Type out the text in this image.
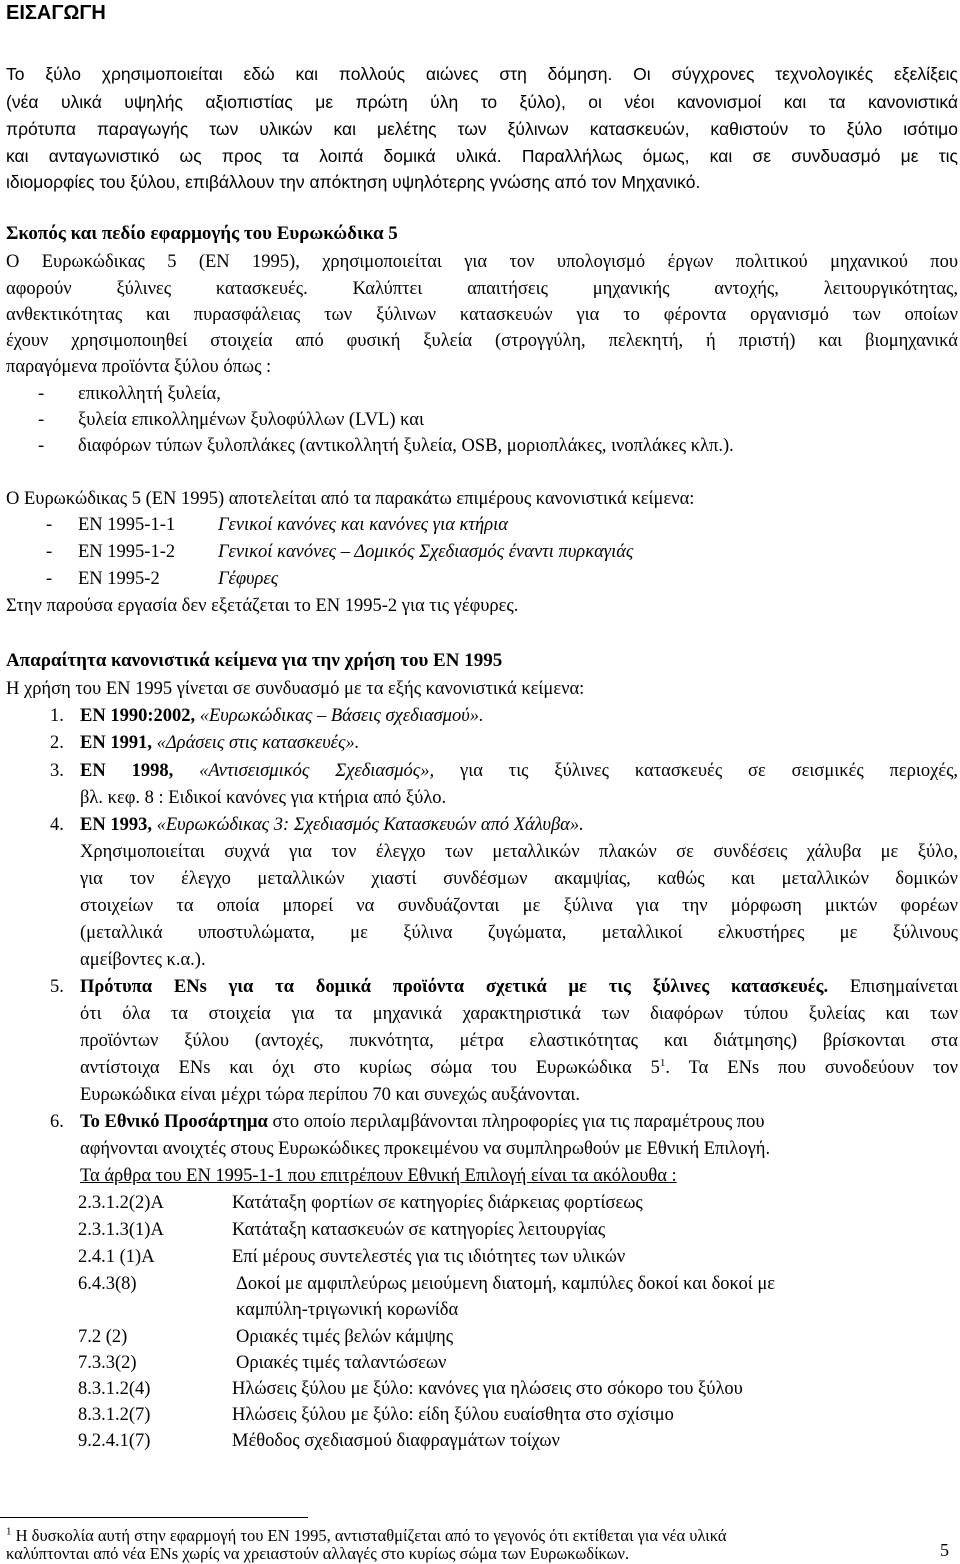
ΕΙΣΑΓΩΓΗ
Το ξύλο χρησιμοποιείται εδώ και πολλούς αιώνες στη δόμηση. Οι σύγχρονες τεχνολογικές εξελίξεις
(νέα υλικά υψηλής αξιοπιστίας με πρώτη ύλη το ξύλο), οι νέοι κανονισμοί και τα κανονιστικά
πρότυπα παραγωγής των υλικών και μελέτης των ξύλινων κατασκευών, καθιστούν το ξύλο ισότιμο
και ανταγωνιστικό ως προς τα λοιπά δομικά υλικά. Παραλλήλως όμως, και σε συνδυασμό με τις
ιδιομορφίες του ξύλου, επιβάλλουν την απόκτηση υψηλότερης γνώσης από τον Μηχανικό.
Σκοπός και πεδίο εφαρμογής του Ευρωκώδικα 5
Ο Ευρωκώδικας 5 (EN 1995), χρησιμοποιείται για τον υπολογισμό έργων πολιτικού μηχανικού που
αφορούν ξύλινες κατασκευές. Καλύπτει απαιτήσεις μηχανικής αντοχής, λειτουργικότητας,
ανθεκτικότητας και πυρασφάλειας των ξύλινων κατασκευών για το φέροντα οργανισμό των οποίων
έχουν χρησιμοποιηθεί στοιχεία από φυσική ξυλεία (στρογγύλη, πελεκητή, ή πριστή) και βιομηχανικά
παραγόμενα προϊόντα ξύλου όπως :
- επικολλητή ξυλεία,
- ξυλεία επικολλημένων ξυλοφύλλων (LVL) και
- διαφόρων τύπων ξυλοπλάκες (αντικολλητή ξυλεία, OSB, μοριοπλάκες, ινοπλάκες κλπ.).
Ο Ευρωκώδικας 5 (EN 1995) αποτελείται από τα παρακάτω επιμέρους κανονιστικά κείμενα:
- EN 1995-1-1 Γενικοί κανόνες και κανόνες για κτήρια
- EN 1995-1-2 Γενικοί κανόνες – Δομικός Σχεδιασμός έναντι πυρκαγιάς
- EN 1995-2	Γέφυρες
Στην παρούσα εργασία δεν εξετάζεται το EN 1995-2 για τις γέφυρες.
Απαραίτητα κανονιστικά κείμενα για την χρήση του EN 1995
Η χρήση του EN 1995 γίνεται σε συνδυασμό με τα εξής κανονιστικά κείμενα:
1. EN 1990:2002, «Ευρωκώδικας – Βάσεις σχεδιασμού».
2. EN 1991, «Δράσεις στις κατασκευές».
3. EN 1998, «Αντισεισμικός Σχεδιασμός», για τις ξύλινες κατασκευές σε σεισμικές περιοχές,
βλ. κεφ. 8 : Ειδικοί κανόνες για κτήρια από ξύλο.
4. EN 1993, «Ευρωκώδικας 3: Σχεδιασμός Κατασκευών από Χάλυβα».
Χρησιμοποιείται συχνά για τον έλεγχο των μεταλλικών πλακών σε συνδέσεις χάλυβα με ξύλο,
για τον έλεγχο μεταλλικών χιαστί συνδέσμων ακαμψίας, καθώς και μεταλλικών δομικών
στοιχείων τα οποία μπορεί να συνδυάζονται με ξύλινα για την μόρφωση μικτών φορέων
(μεταλλικά υποστυλώματα, με ξύλινα ζυγώματα, μεταλλικοί ελκυστήρες με ξύλινους
αμείβοντες κ.α.).
5. Πρότυπα ENs για τα δομικά προϊόντα σχετικά με τις ξύλινες κατασκευές. Επισημαίνεται
ότι όλα τα στοιχεία για τα μηχανικά χαρακτηριστικά των διαφόρων τύπου ξυλείας και των
προϊόντων ξύλου (αντοχές, πυκνότητα, μέτρα ελαστικότητας και διάτμησης) βρίσκονται στα
αντίστοιχα ENs και όχι στο κυρίως σώμα του Ευρωκώδικα $5^1$. Τα ENs που συνοδεύουν τον
Ευρωκώδικα είναι μέχρι τώρα περίπου 70 και συνεχώς αυξάνονται.
6. Το Εθνικό Προσάρτημα στο οποίο περιλαμβάνονται πληροφορίες για τις παραμέτρους που
αφήνονται ανοιχτές στους Ευρωκώδικες προκειμένου να συμπληρωθούν με Εθνική Επιλογή.
Τα άρθρα του EN 1995-1-1 που επιτρέπουν Εθνική Επιλογή είναι τα ακόλουθα :
2.3.1.2(2)A	Κατάταξη φορτίων σε κατηγορίες διάρκειας φορτίσεως
2.3.1.3(1)A	Κατάταξη κατασκευών σε κατηγορίες λειτουργίας
2.4.1 (1)A	Επί μέρους συντελεστές για τις ιδιότητες των υλικών
6.4.3(8)	Δοκοί με αμφιπλεύρως μειούμενη διατομή, καμπύλες δοκοί και δοκοί με
καμπύλη-τριγωνική κορωνίδα
7.2 (2)	Οριακές τιμές βελών κάμψης
7.3.3(2)	Οριακές τιμές ταλαντώσεων
8.3.1.2(4)	Ηλώσεις ξύλου με ξύλο: κανόνες για ηλώσεις στο σόκορο του ξύλου
8.3.1.2(7)	Ηλώσεις ξύλου με ξύλο: είδη ξύλου ευαίσθητα στο σχίσιμο
9.2.4.1(7)	Μέθοδος σχεδιασμού διαφραγμάτων τοίχων
$^1$ Η δυσκολία αυτή στην εφαρμογή του EN 1995, αντισταθμίζεται από το γεγονός ότι εκτίθεται για νέα υλικά
καλύπτονται από νέα ENs χωρίς να χρειαστούν αλλαγές στο κυρίως σώμα των Ευρωκωδίκων.	5
